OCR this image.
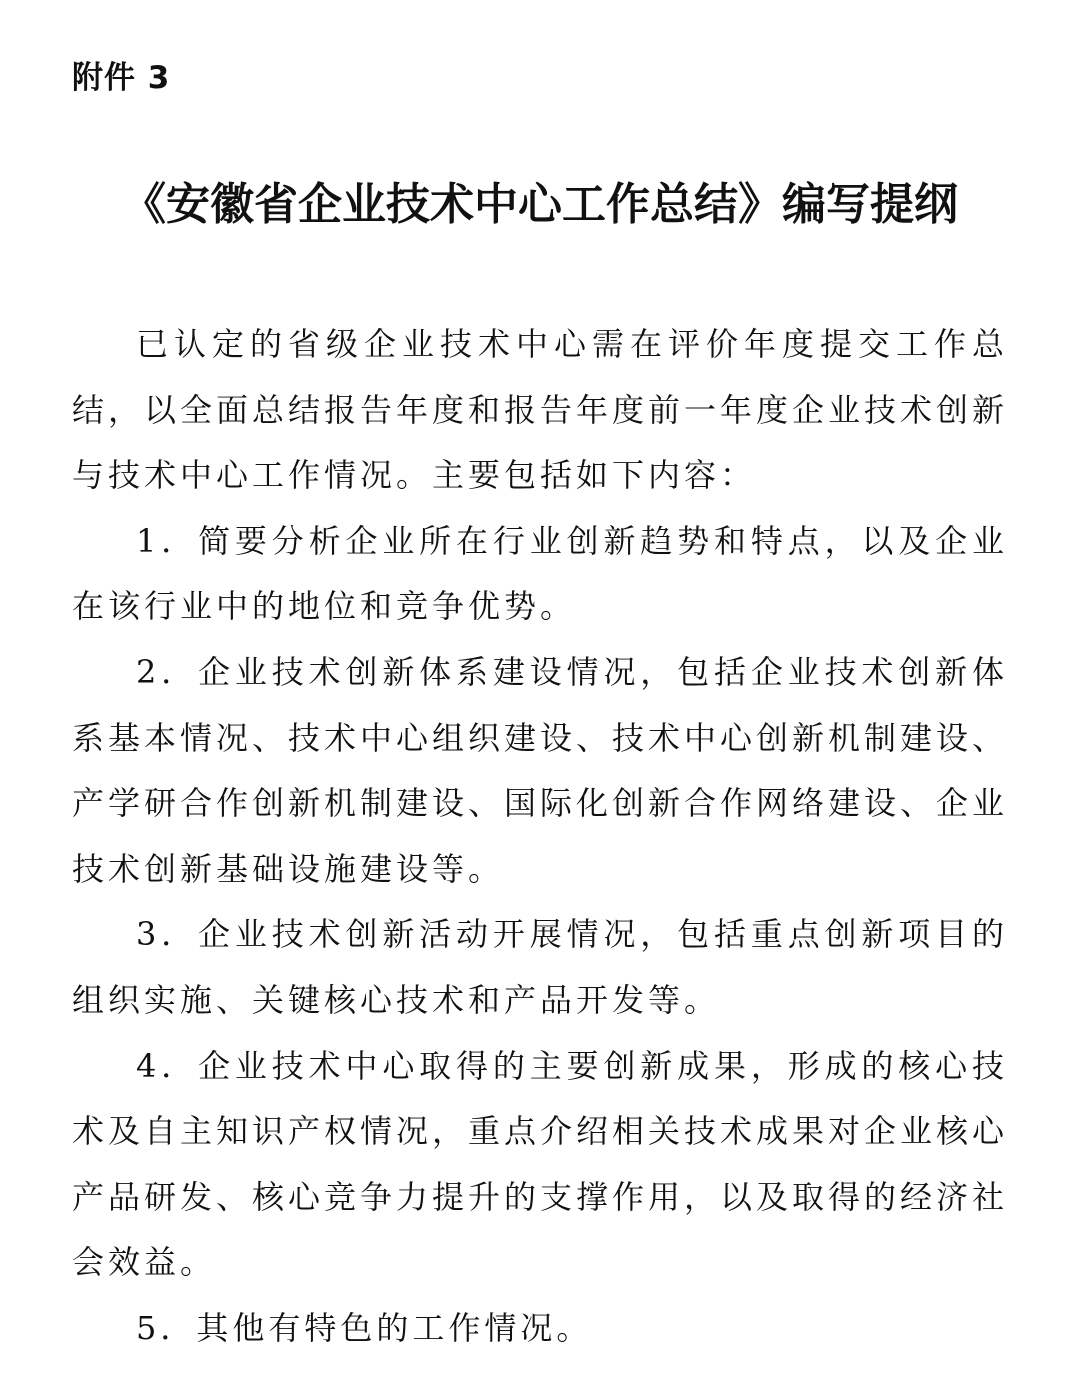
附件 3
《安徽省企业技术中心工作总结》编写提纲

已认定的省级企业技术中心需在评价年度提交工作总结，以全面总结报告年度和报告年度前一年度企业技术创新与技术中心工作情况。主要包括如下内容：

1．简要分析企业所在行业创新趋势和特点，以及企业在该行业中的地位和竞争优势。

2．企业技术创新体系建设情况，包括企业技术创新体系基本情况、技术中心组织建设、技术中心创新机制建设、产学研合作创新机制建设、国际化创新合作网络建设、企业技术创新基础设施建设等。

3．企业技术创新活动开展情况，包括重点创新项目的组织实施、关键核心技术和产品开发等。

4．企业技术中心取得的主要创新成果，形成的核心技术及自主知识产权情况，重点介绍相关技术成果对企业核心产品研发、核心竞争力提升的支撑作用，以及取得的经济社会效益。

5．其他有特色的工作情况。
